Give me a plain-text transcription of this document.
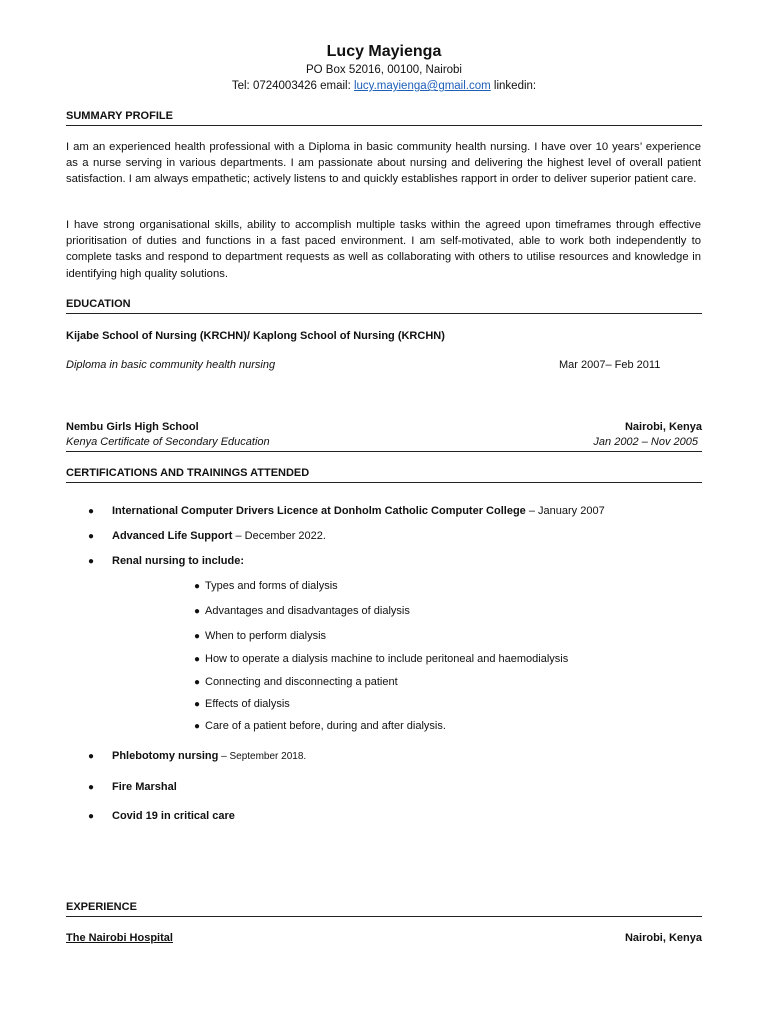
Lucy Mayienga
PO Box 52016, 00100, Nairobi
Tel: 0724003426 email: lucy.mayienga@gmail.com linkedin:
SUMMARY PROFILE

I am an experienced health professional with a Diploma in basic community health nursing. I have over 10 years’ experience as a nurse serving in various departments. I am passionate about nursing and delivering the highest level of overall patient satisfaction. I am always empathetic; actively listens to and quickly establishes rapport in order to deliver superior patient care.

I have strong organisational skills, ability to accomplish multiple tasks within the agreed upon timeframes through effective prioritisation of duties and functions in a fast paced environment. I am self-motivated, able to work both independently to complete tasks and respond to department requests as well as collaborating with others to utilise resources and knowledge in identifying high quality solutions.

EDUCATION
Kijabe School of Nursing (KRCHN)/ Kaplong School of Nursing (KRCHN)
Diploma in basic community health nursing	Mar 2007– Feb 2011
Nembu Girls High School	Nairobi, Kenya
Kenya Certificate of Secondary Education	Jan 2002 – Nov 2005
CERTIFICATIONS AND TRAININGS ATTENDED
● International Computer Drivers Licence at Donholm Catholic Computer College – January 2007
● Advanced Life Support – December 2022.
● Renal nursing to include:
● Types and forms of dialysis
● Advantages and disadvantages of dialysis
● When to perform dialysis
● How to operate a dialysis machine to include peritoneal and haemodialysis
● Connecting and disconnecting a patient
● Effects of dialysis
● Care of a patient before, during and after dialysis.
● Phlebotomy nursing – September 2018.
● Fire Marshal
● Covid 19 in critical care
EXPERIENCE
The Nairobi Hospital	Nairobi, Kenya
